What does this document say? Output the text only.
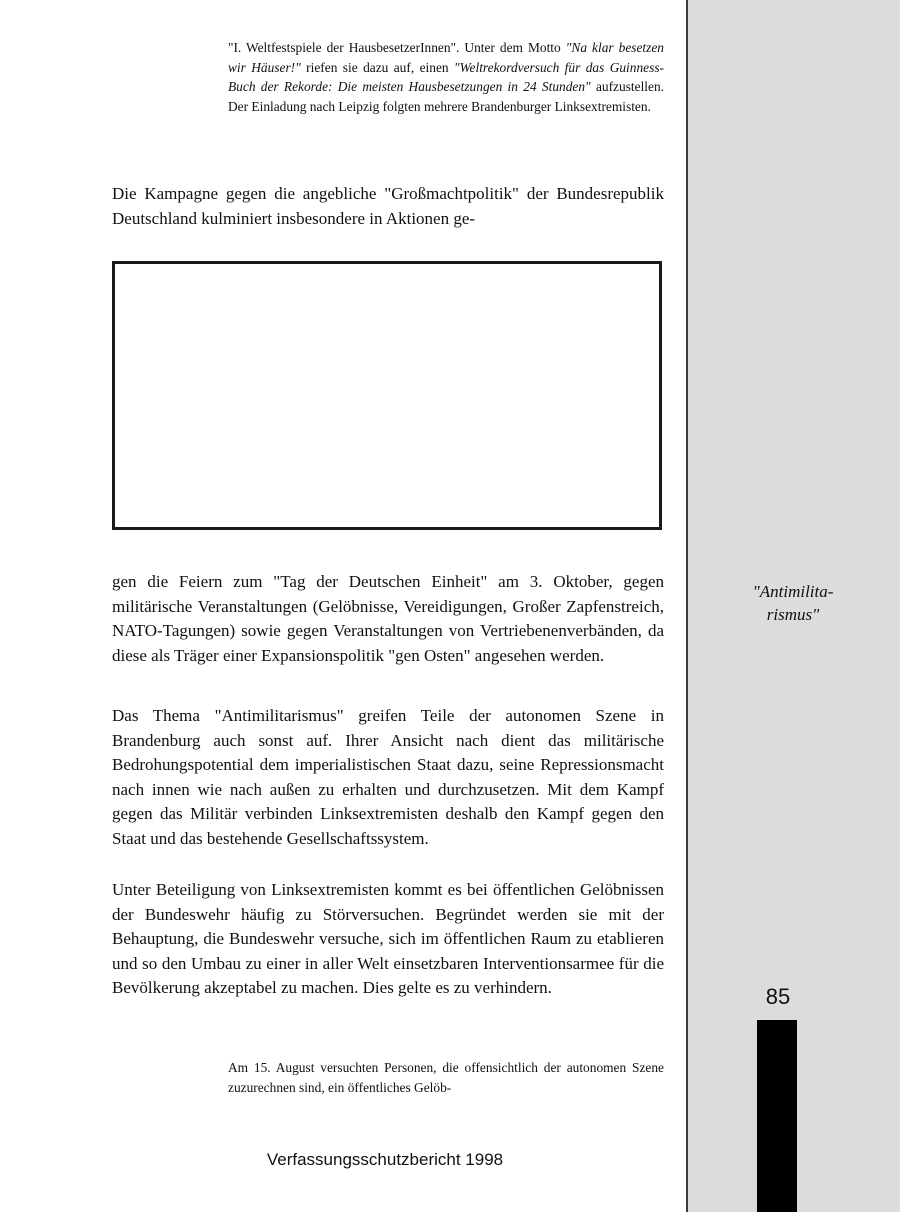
"I. Weltfestspiele der HausbesetzerInnen". Unter dem Motto "Na klar besetzen wir Häuser!" riefen sie dazu auf, einen "Weltrekordversuch für das Guinness-Buch der Rekorde: Die meisten Hausbesetzungen in 24 Stunden" aufzustellen. Der Einladung nach Leipzig folgten mehrere Brandenburger Linksextremisten.

Die Kampagne gegen die angebliche "Großmachtpolitik" der Bundesrepublik Deutschland kulminiert insbesondere in Aktionen ge-

gen die Feiern zum "Tag der Deutschen Einheit" am 3. Oktober, gegen militärische Veranstaltungen (Gelöbnisse, Vereidigungen, Großer Zapfenstreich, NATO-Tagungen) sowie gegen Veranstaltungen von Vertriebenenverbänden, da diese als Träger einer Expansionspolitik "gen Osten" angesehen werden.

Das Thema "Antimilitarismus" greifen Teile der autonomen Szene in Brandenburg auch sonst auf. Ihrer Ansicht nach dient das militärische Bedrohungspotential dem imperialistischen Staat dazu, seine Repressionsmacht nach innen wie nach außen zu erhalten und durchzusetzen. Mit dem Kampf gegen das Militär verbinden Linksextremisten deshalb den Kampf gegen den Staat und das bestehende Gesellschaftssystem.

Unter Beteiligung von Linksextremisten kommt es bei öffentlichen Gelöbnissen der Bundeswehr häufig zu Störversuchen. Begründet werden sie mit der Behauptung, die Bundeswehr versuche, sich im öffentlichen Raum zu etablieren und so den Umbau zu einer in aller Welt einsetzbaren Interventionsarmee für die Bevölkerung akzeptabel zu machen. Dies gelte es zu verhindern.

Am 15. August versuchten Personen, die offensichtlich der autonomen Szene zuzurechnen sind, ein öffentliches Gelöb-

"Antimilita-
rismus"
85
Verfassungsschutzbericht 1998
